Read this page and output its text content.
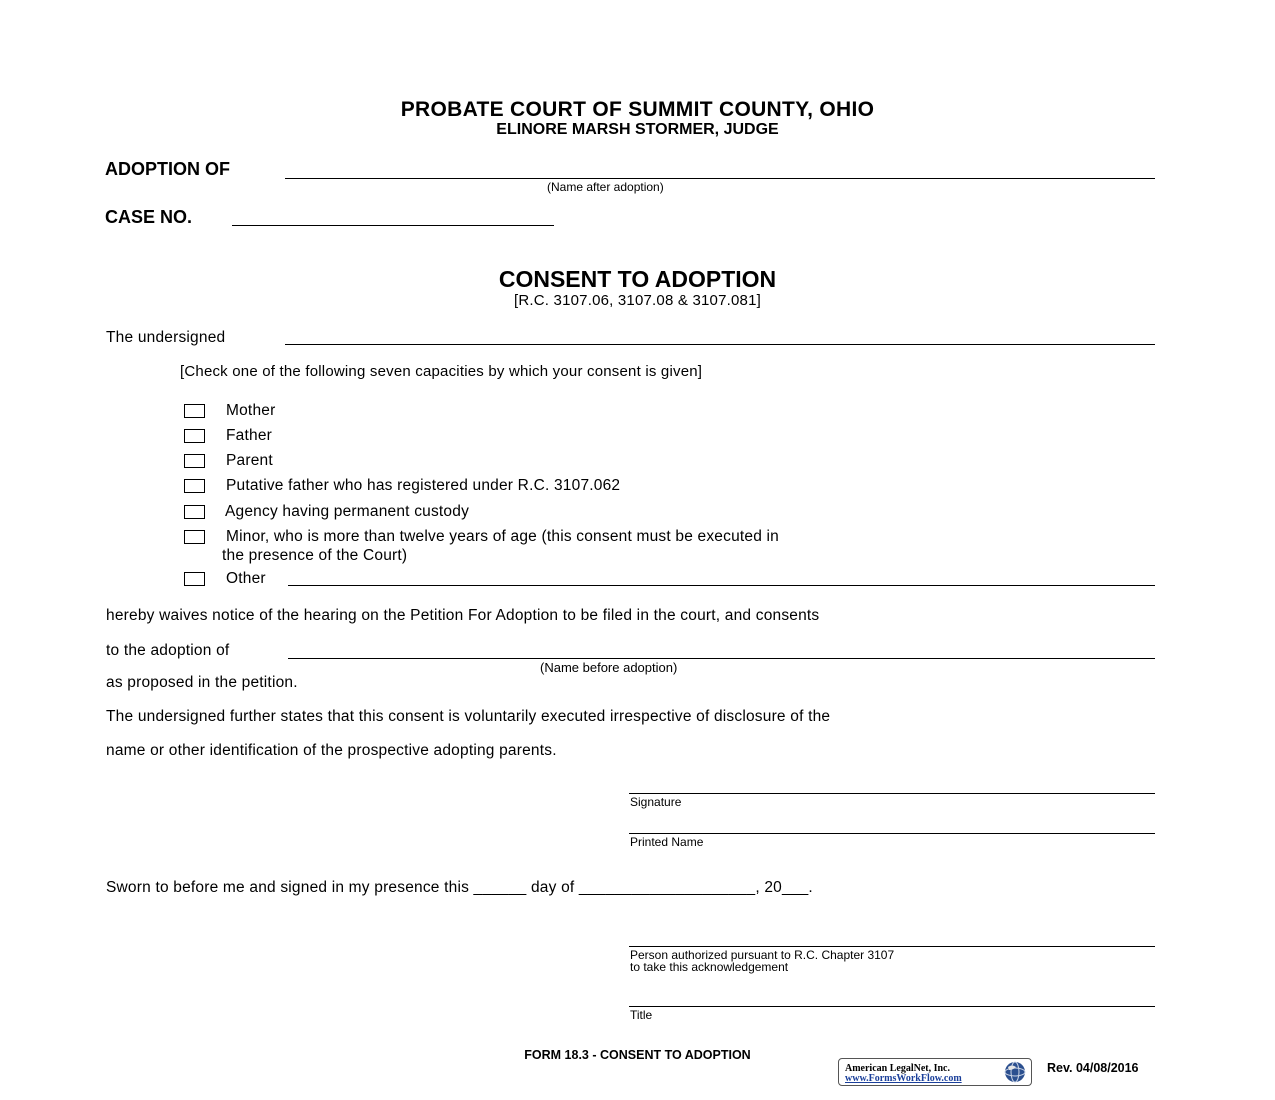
PROBATE COURT OF SUMMIT COUNTY, OHIO
ELINORE MARSH STORMER, JUDGE
ADOPTION OF
(Name after adoption)
CASE NO.
CONSENT TO ADOPTION
[R.C. 3107.06, 3107.08 & 3107.081]
The undersigned
[Check one of the following seven capacities by which your consent is given]
Mother
Father
Parent
Putative father who has registered under R.C. 3107.062
Agency having permanent custody
Minor, who is more than twelve years of age (this consent must be executed in
the presence of the Court)
Other
hereby waives notice of the hearing on the Petition For Adoption to be filed in the court, and consents
to the adoption of
(Name before adoption)
as proposed in the petition.
The undersigned further states that this consent is voluntarily executed irrespective of disclosure of the
name or other identification of the prospective adopting parents.
Signature
Printed Name
Sworn to before me and signed in my presence this ______ day of ____________________, 20___.
Person authorized pursuant to R.C. Chapter 3107
to take this acknowledgement
Title
FORM 18.3 - CONSENT TO ADOPTION
American LegalNet, Inc.
www.FormsWorkFlow.com
Rev. 04/08/2016
